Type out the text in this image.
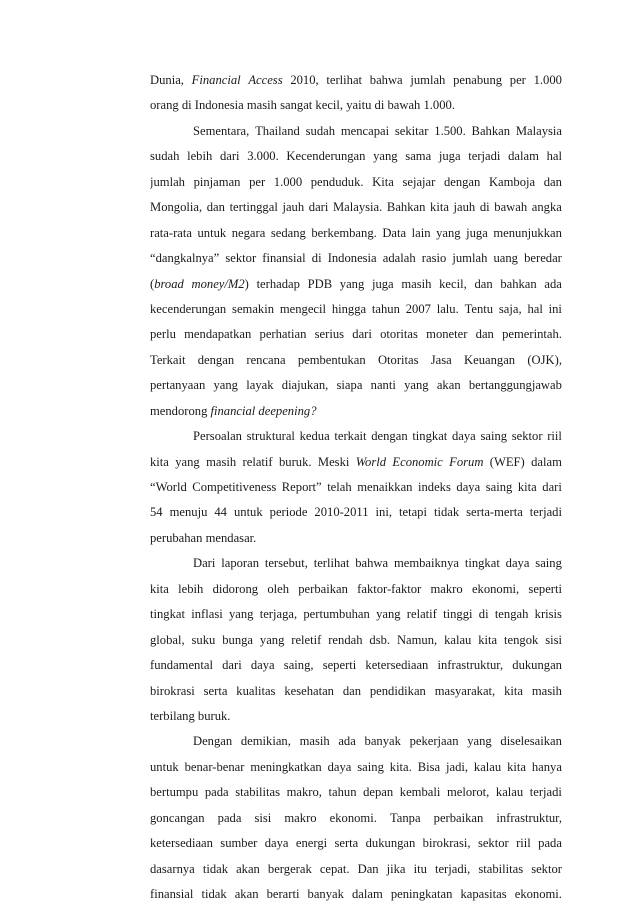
Dunia, Financial Access 2010, terlihat bahwa jumlah penabung per 1.000
orang di Indonesia masih sangat kecil, yaitu di bawah 1.000.
Sementara, Thailand sudah mencapai sekitar 1.500. Bahkan Malaysia
sudah lebih dari 3.000. Kecenderungan yang sama juga terjadi dalam hal
jumlah pinjaman per 1.000 penduduk. Kita sejajar dengan Kamboja dan
Mongolia, dan tertinggal jauh dari Malaysia. Bahkan kita jauh di bawah angka
rata-rata untuk negara sedang berkembang. Data lain yang juga menunjukkan
“dangkalnya” sektor finansial di Indonesia adalah rasio jumlah uang beredar
(broad money/M2) terhadap PDB yang juga masih kecil, dan bahkan ada
kecenderungan semakin mengecil hingga tahun 2007 lalu. Tentu saja, hal ini
perlu mendapatkan perhatian serius dari otoritas moneter dan pemerintah.
Terkait dengan rencana pembentukan Otoritas Jasa Keuangan (OJK),
pertanyaan yang layak diajukan, siapa nanti yang akan bertanggungjawab
mendorong financial deepening?
Persoalan struktural kedua terkait dengan tingkat daya saing sektor riil
kita yang masih relatif buruk. Meski World Economic Forum (WEF) dalam
“World Competitiveness Report” telah menaikkan indeks daya saing kita dari
54 menuju 44 untuk periode 2010-2011 ini, tetapi tidak serta-merta terjadi
perubahan mendasar.
Dari laporan tersebut, terlihat bahwa membaiknya tingkat daya saing
kita lebih didorong oleh perbaikan faktor-faktor makro ekonomi, seperti
tingkat inflasi yang terjaga, pertumbuhan yang relatif tinggi di tengah krisis
global, suku bunga yang reletif rendah dsb. Namun, kalau kita tengok sisi
fundamental dari daya saing, seperti ketersediaan infrastruktur, dukungan
birokrasi serta kualitas kesehatan dan pendidikan masyarakat, kita masih
terbilang buruk.
Dengan demikian, masih ada banyak pekerjaan yang diselesaikan
untuk benar-benar meningkatkan daya saing kita. Bisa jadi, kalau kita hanya
bertumpu pada stabilitas makro, tahun depan kembali melorot, kalau terjadi
goncangan pada sisi makro ekonomi. Tanpa perbaikan infrastruktur,
ketersediaan sumber daya energi serta dukungan birokrasi, sektor riil pada
dasarnya tidak akan bergerak cepat. Dan jika itu terjadi, stabilitas sektor
finansial tidak akan berarti banyak dalam peningkatan kapasitas ekonomi.
